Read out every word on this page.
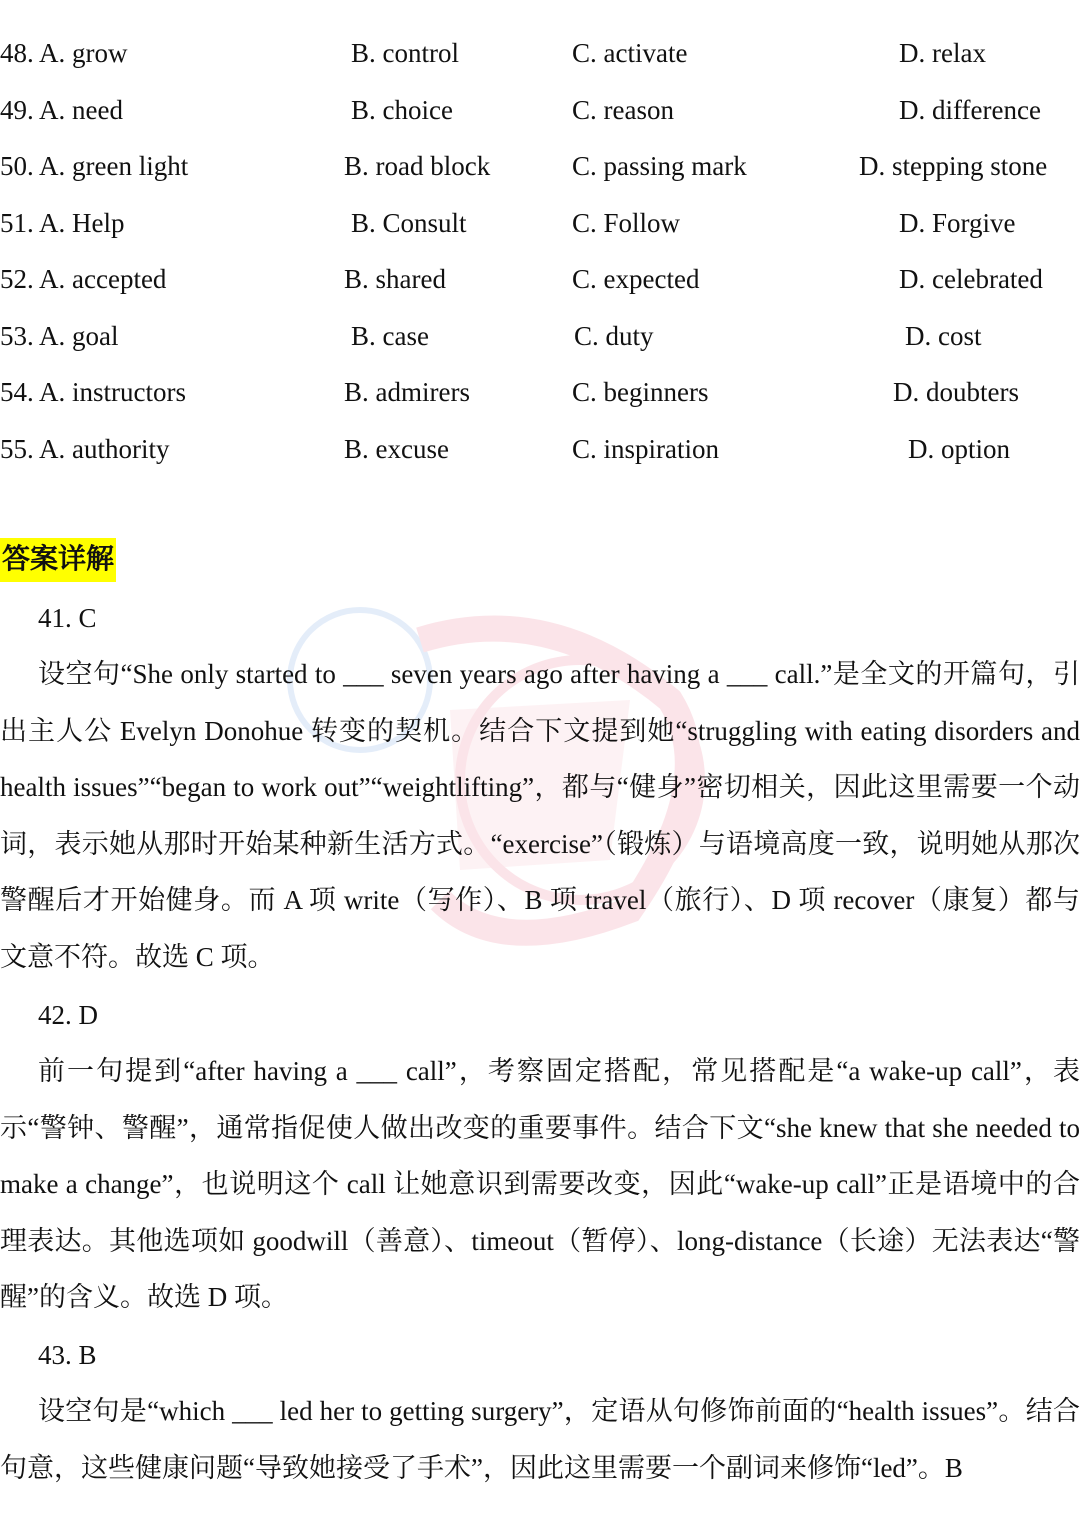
48. A. grow	B. control	C. activate	D. relax
49. A. need	B. choice	C. reason	D. difference
50. A. green light	B. road block	C. passing mark	D. stepping stone
51. A. Help	B. Consult	C. Follow	D. Forgive
52. A. accepted	B. shared	C. expected	D. celebrated
53. A. goal	B. case	C. duty	D. cost
54. A. instructors	B. admirers	C. beginners	D. doubters
55. A. authority	B. excuse	C. inspiration	D. option
答案详解
41. C

设空句“She only started to ___ seven years ago after having a ___ call.”是全文的开篇句，引出主人公 Evelyn Donohue 转变的契机。结合下文提到她“struggling with eating disorders and health issues”“began to work out”“weightlifting”，都与“健身”密切相关，因此这里需要一个动词，表示她从那时开始某种新生活方式。“exercise”（锻炼）与语境高度一致，说明她从那次警醒后才开始健身。而 A 项 write（写作）、B 项 travel（旅行）、D 项 recover（康复）都与文意不符。故选 C 项。

42. D

前一句提到“after having a ___ call”，考察固定搭配，常见搭配是“a wake-up call”，表示“警钟、警醒”，通常指促使人做出改变的重要事件。结合下文“she knew that she needed to make a change”，也说明这个 call 让她意识到需要改变，因此“wake-up call”正是语境中的合理表达。其他选项如 goodwill（善意）、timeout（暂停）、long-distance（长途）无法表达“警醒”的含义。故选 D 项。

43. B

设空句是“which ___ led her to getting surgery”，定语从句修饰前面的“health issues”。结合句意，这些健康问题“导致她接受了手术”，因此这里需要一个副词来修饰“led”。B
